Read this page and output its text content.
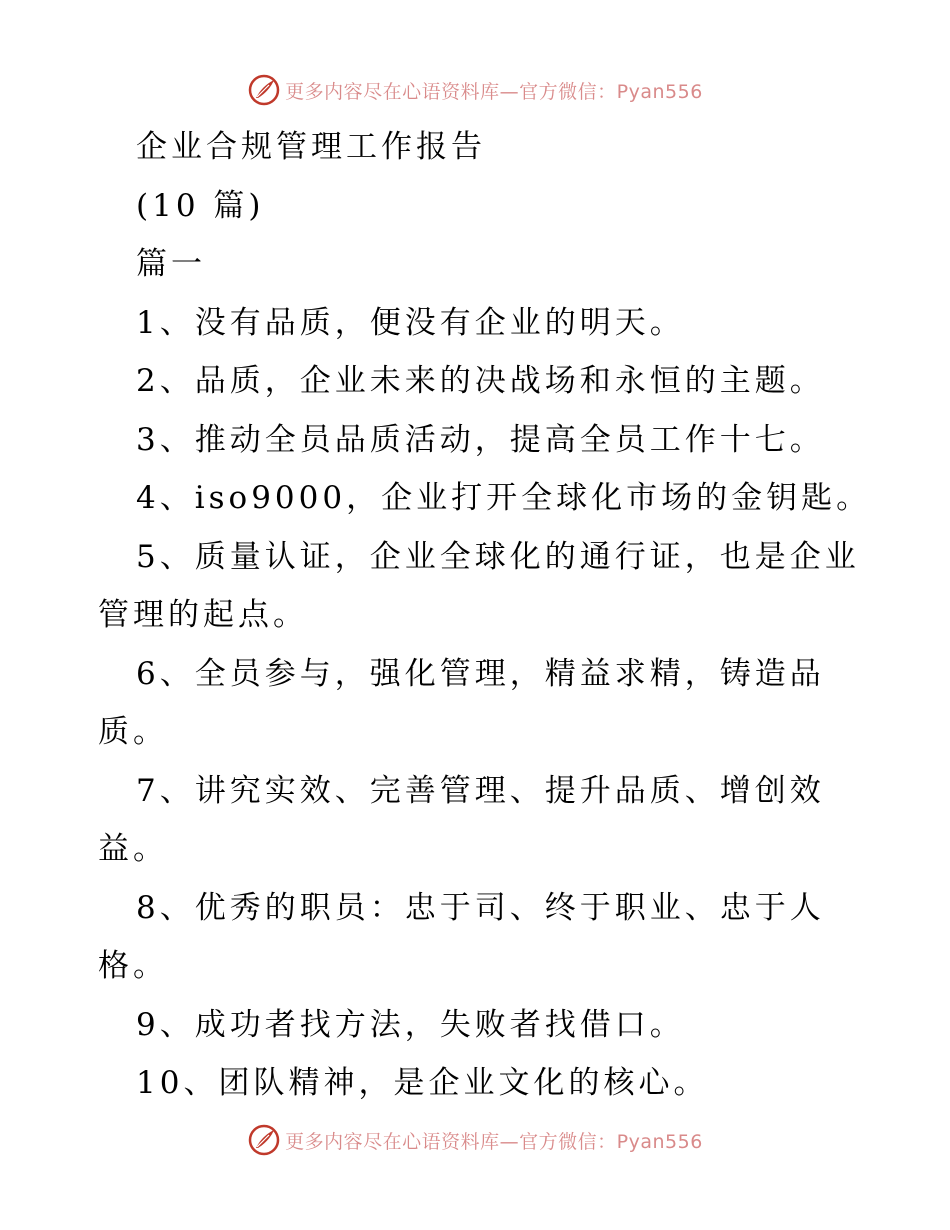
更多内容尽在心语资料库—官方微信：Pyan556
企业合规管理工作报告
(10 篇)
篇一
1、没有品质，便没有企业的明天。
2、品质，企业未来的决战场和永恒的主题。
3、推动全员品质活动，提高全员工作十七。
4、iso9000，企业打开全球化市场的金钥匙。
5、质量认证，企业全球化的通行证，也是企业
管理的起点。
6、全员参与，强化管理，精益求精，铸造品
质。
7、讲究实效、完善管理、提升品质、增创效
益。
8、优秀的职员：忠于司、终于职业、忠于人
格。
9、成功者找方法，失败者找借口。
10、团队精神，是企业文化的核心。
更多内容尽在心语资料库—官方微信：Pyan556
